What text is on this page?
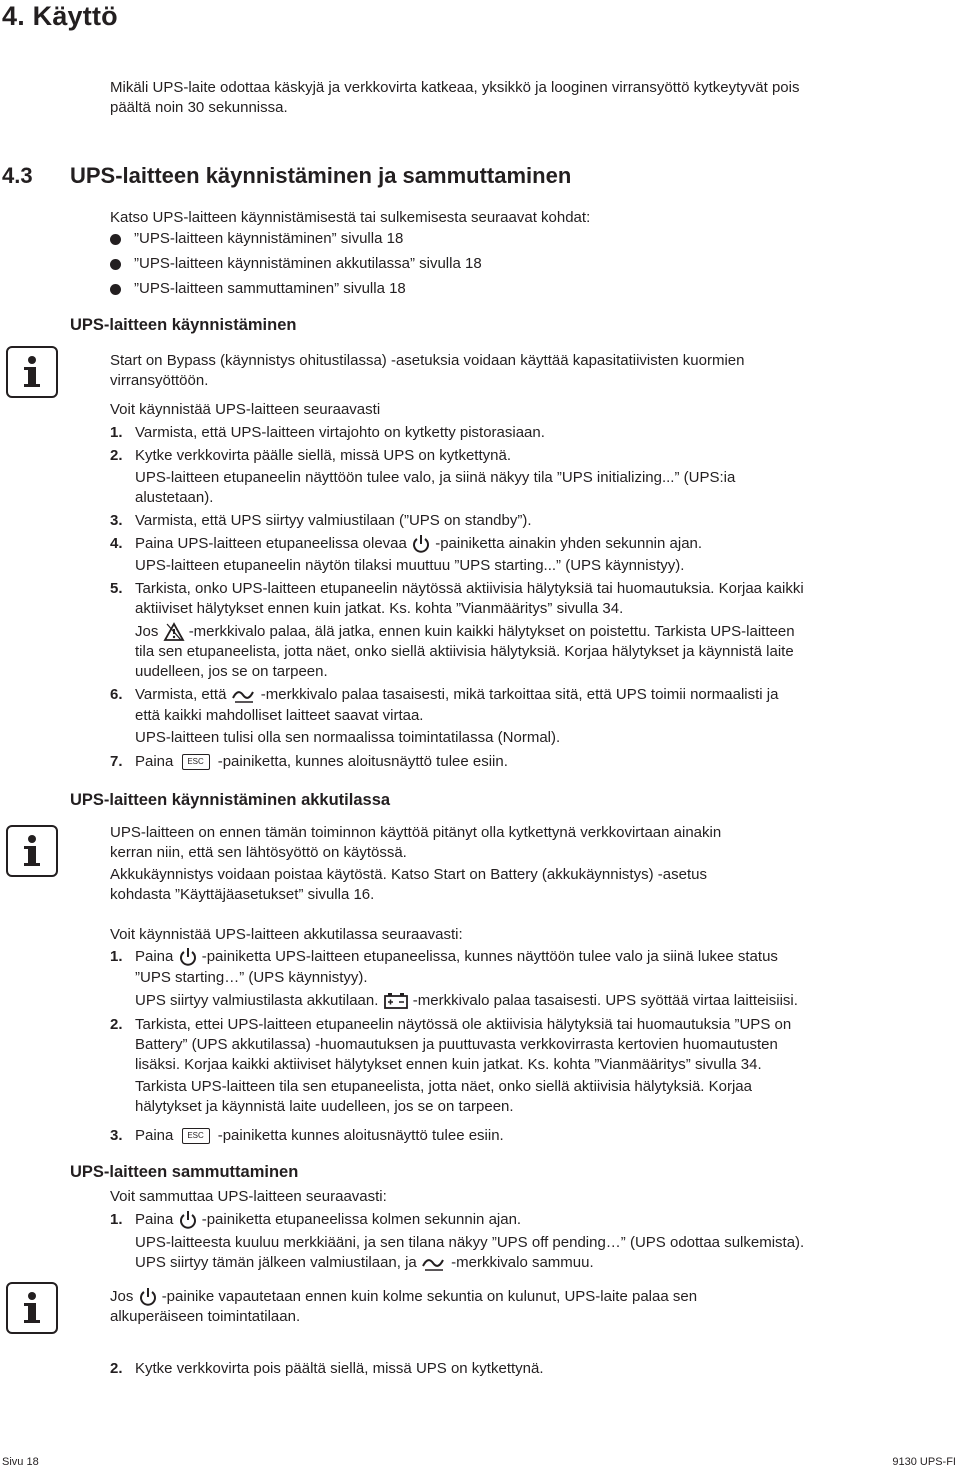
4. Käyttö
Mikäli UPS-laite odottaa käskyjä ja verkkovirta katkeaa, yksikkö ja looginen virransyöttö kytkeytyvät pois
päältä noin 30 sekunnissa.
4.3 UPS-laitteen käynnistäminen ja sammuttaminen
Katso UPS-laitteen käynnistämisestä tai sulkemisesta seuraavat kohdat:
”UPS-laitteen käynnistäminen” sivulla 18
”UPS-laitteen käynnistäminen akkutilassa” sivulla 18
”UPS-laitteen sammuttaminen” sivulla 18
UPS-laitteen käynnistäminen
Start on Bypass (käynnistys ohitustilassa) -asetuksia voidaan käyttää kapasitatiivisten kuormien
virransyöttöön.
Voit käynnistää UPS-laitteen seuraavasti
1. Varmista, että UPS-laitteen virtajohto on kytketty pistorasiaan.
2. Kytke verkkovirta päälle siellä, missä UPS on kytkettynä.
UPS-laitteen etupaneelin näyttöön tulee valo, ja siinä näkyy tila ”UPS initializing...” (UPS:ia
alustetaan).
3. Varmista, että UPS siirtyy valmiustilaan (”UPS on standby”).
4. Paina UPS-laitteen etupaneelissa olevaa -painiketta ainakin yhden sekunnin ajan.
UPS-laitteen etupaneelin näytön tilaksi muuttuu ”UPS starting...” (UPS käynnistyy).
5. Tarkista, onko UPS-laitteen etupaneelin näytössä aktiivisia hälytyksiä tai huomautuksia. Korjaa kaikki
aktiiviset hälytykset ennen kuin jatkat. Ks. kohta ”Vianmääritys” sivulla 34.
Jos -merkkivalo palaa, älä jatka, ennen kuin kaikki hälytykset on poistettu. Tarkista UPS-laitteen
tila sen etupaneelista, jotta näet, onko siellä aktiivisia hälytyksiä. Korjaa hälytykset ja käynnistä laite
uudelleen, jos se on tarpeen.
6. Varmista, että -merkkivalo palaa tasaisesti, mikä tarkoittaa sitä, että UPS toimii normaalisti ja
että kaikki mahdolliset laitteet saavat virtaa.
UPS-laitteen tulisi olla sen normaalissa toimintatilassa (Normal).
7. Paina ESC -painiketta, kunnes aloitusnäyttö tulee esiin.
UPS-laitteen käynnistäminen akkutilassa
UPS-laitteen on ennen tämän toiminnon käyttöä pitänyt olla kytkettynä verkkovirtaan ainakin
kerran niin, että sen lähtösyöttö on käytössä.
Akkukäynnistys voidaan poistaa käytöstä. Katso Start on Battery (akkukäynnistys) -asetus
kohdasta ”Käyttäjäasetukset” sivulla 16.
Voit käynnistää UPS-laitteen akkutilassa seuraavasti:
1. Paina -painiketta UPS-laitteen etupaneelissa, kunnes näyttöön tulee valo ja siinä lukee status
”UPS starting…” (UPS käynnistyy).
UPS siirtyy valmiustilasta akkutilaan. -merkkivalo palaa tasaisesti. UPS syöttää virtaa laitteisiisi.
2. Tarkista, ettei UPS-laitteen etupaneelin näytössä ole aktiivisia hälytyksiä tai huomautuksia ”UPS on
Battery” (UPS akkutilassa) -huomautuksen ja puuttuvasta verkkovirrasta kertovien huomautusten
lisäksi. Korjaa kaikki aktiiviset hälytykset ennen kuin jatkat. Ks. kohta ”Vianmääritys” sivulla 34.
Tarkista UPS-laitteen tila sen etupaneelista, jotta näet, onko siellä aktiivisia hälytyksiä. Korjaa
hälytykset ja käynnistä laite uudelleen, jos se on tarpeen.
3. Paina ESC -painiketta kunnes aloitusnäyttö tulee esiin.
UPS-laitteen sammuttaminen
Voit sammuttaa UPS-laitteen seuraavasti:
1. Paina -painiketta etupaneelissa kolmen sekunnin ajan.
UPS-laitteesta kuuluu merkkiääni, ja sen tilana näkyy ”UPS off pending…” (UPS odottaa sulkemista).
UPS siirtyy tämän jälkeen valmiustilaan, ja -merkkivalo sammuu.
Jos -painike vapautetaan ennen kuin kolme sekuntia on kulunut, UPS-laite palaa sen
alkuperäiseen toimintatilaan.
2. Kytke verkkovirta pois päältä siellä, missä UPS on kytkettynä.
Sivu 18	9130 UPS-FI
